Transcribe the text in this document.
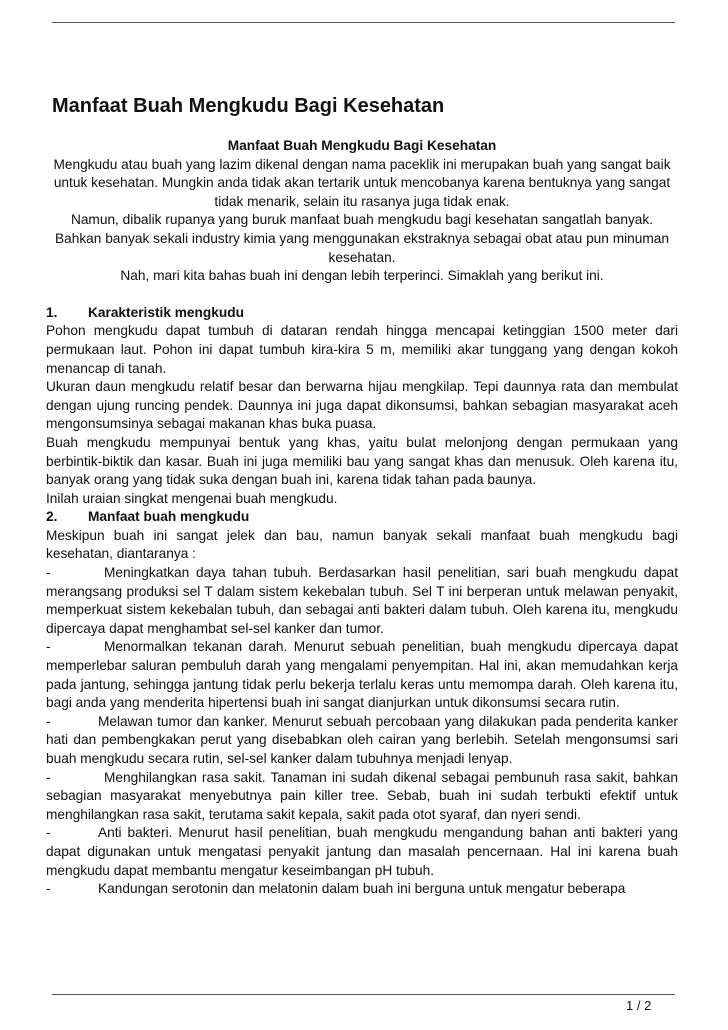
Manfaat Buah Mengkudu Bagi Kesehatan

Manfaat Buah Mengkudu Bagi Kesehatan

Mengkudu atau buah yang lazim dikenal dengan nama paceklik ini merupakan buah yang sangat baik untuk kesehatan. Mungkin anda tidak akan tertarik untuk mencobanya karena bentuknya yang sangat tidak menarik, selain itu rasanya juga tidak enak.

Namun, dibalik rupanya yang buruk manfaat buah mengkudu bagi kesehatan sangatlah banyak. Bahkan banyak sekali industry kimia yang menggunakan ekstraknya sebagai obat atau pun minuman kesehatan.

Nah, mari kita bahas buah ini dengan lebih terperinci. Simaklah yang berikut ini.

1. Karakteristik mengkudu

Pohon mengkudu dapat tumbuh di dataran rendah hingga mencapai ketinggian 1500 meter dari permukaan laut. Pohon ini dapat tumbuh kira-kira 5 m, memiliki akar tunggang yang dengan kokoh menancap di tanah.

Ukuran daun mengkudu relatif besar dan berwarna hijau mengkilap. Tepi daunnya rata dan membulat dengan ujung runcing pendek. Daunnya ini juga dapat dikonsumsi, bahkan sebagian masyarakat aceh mengonsumsinya sebagai makanan khas buka puasa.

Buah mengkudu mempunyai bentuk yang khas, yaitu bulat melonjong dengan permukaan yang berbintik-biktik dan kasar. Buah ini juga memiliki bau yang sangat khas dan menusuk. Oleh karena itu, banyak orang yang tidak suka dengan buah ini, karena tidak tahan pada baunya.

Inilah uraian singkat mengenai buah mengkudu.

2. Manfaat buah mengkudu

Meskipun buah ini sangat jelek dan bau, namun banyak sekali manfaat buah mengkudu bagi kesehatan, diantaranya :

-	Meningkatkan daya tahan tubuh. Berdasarkan hasil penelitian, sari buah mengkudu dapat merangsang produksi sel T dalam sistem kekebalan tubuh. Sel T ini berperan untuk melawan penyakit, memperkuat sistem kekebalan tubuh, dan sebagai anti bakteri dalam tubuh. Oleh karena itu, mengkudu dipercaya dapat menghambat sel-sel kanker dan tumor.

-	Menormalkan tekanan darah. Menurut sebuah penelitian, buah mengkudu dipercaya dapat memperlebar saluran pembuluh darah yang mengalami penyempitan. Hal ini, akan memudahkan kerja pada jantung, sehingga jantung tidak perlu bekerja terlalu keras untu memompa darah. Oleh karena itu, bagi anda yang menderita hipertensi buah ini sangat dianjurkan untuk dikonsumsi secara rutin.

-	Melawan tumor dan kanker. Menurut sebuah percobaan yang dilakukan pada penderita kanker hati dan pembengkakan perut yang disebabkan oleh cairan yang berlebih. Setelah mengonsumsi sari buah mengkudu secara rutin, sel-sel kanker dalam tubuhnya menjadi lenyap.

-	Menghilangkan rasa sakit. Tanaman ini sudah dikenal sebagai pembunuh rasa sakit, bahkan sebagian masyarakat menyebutnya pain killer tree. Sebab, buah ini sudah terbukti efektif untuk menghilangkan rasa sakit, terutama sakit kepala, sakit pada otot syaraf, dan nyeri sendi.

-	Anti bakteri. Menurut hasil penelitian, buah mengkudu mengandung bahan anti bakteri yang dapat digunakan untuk mengatasi penyakit jantung dan masalah pencernaan. Hal ini karena buah mengkudu dapat membantu mengatur keseimbangan pH tubuh.

-	Kandungan serotonin dan melatonin dalam buah ini berguna untuk mengatur beberapa

1 / 2
